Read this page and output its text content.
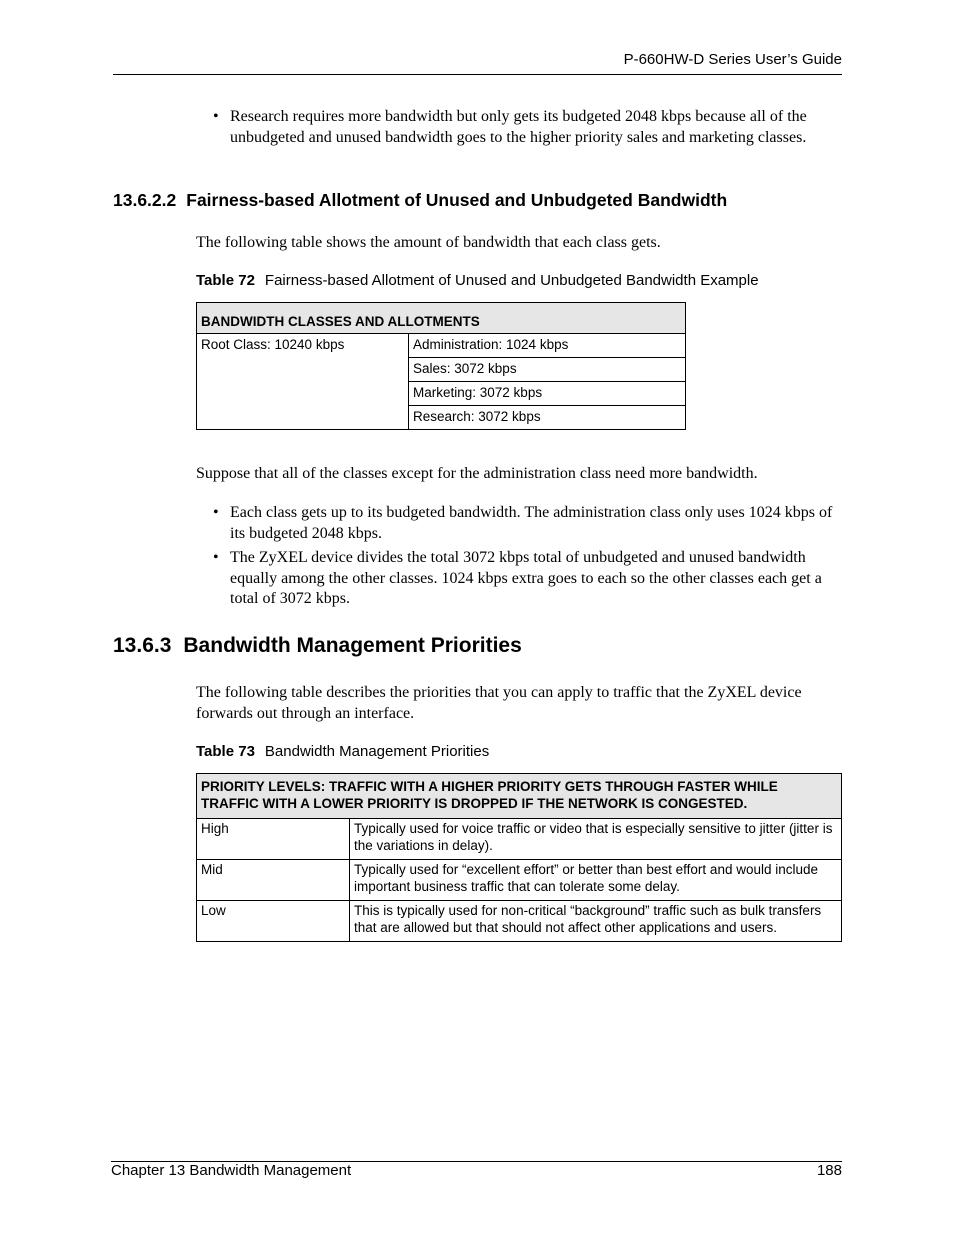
P-660HW-D Series User’s Guide
• Research requires more bandwidth but only gets its budgeted 2048 kbps because all of the unbudgeted and unused bandwidth goes to the higher priority sales and marketing classes.
13.6.2.2 Fairness-based Allotment of Unused and Unbudgeted Bandwidth
The following table shows the amount of bandwidth that each class gets.
Table 72 Fairness-based Allotment of Unused and Unbudgeted Bandwidth Example
BANDWIDTH CLASSES AND ALLOTMENTS
Root Class: 10240 kbps	Administration: 1024 kbps
Sales: 3072 kbps
Marketing: 3072 kbps
Research: 3072 kbps
Suppose that all of the classes except for the administration class need more bandwidth.
• Each class gets up to its budgeted bandwidth. The administration class only uses 1024 kbps of its budgeted 2048 kbps.
• The ZyXEL device divides the total 3072 kbps total of unbudgeted and unused bandwidth equally among the other classes. 1024 kbps extra goes to each so the other classes each get a total of 3072 kbps.
13.6.3 Bandwidth Management Priorities
The following table describes the priorities that you can apply to traffic that the ZyXEL device forwards out through an interface.
Table 73 Bandwidth Management Priorities
PRIORITY LEVELS: TRAFFIC WITH A HIGHER PRIORITY GETS THROUGH FASTER WHILE TRAFFIC WITH A LOWER PRIORITY IS DROPPED IF THE NETWORK IS CONGESTED.	
High	Typically used for voice traffic or video that is especially sensitive to jitter (jitter is the variations in delay).
Mid	Typically used for “excellent effort” or better than best effort and would include important business traffic that can tolerate some delay.
Low	This is typically used for non-critical “background” traffic such as bulk transfers that are allowed but that should not affect other applications and users.
Chapter 13 Bandwidth Management	188
